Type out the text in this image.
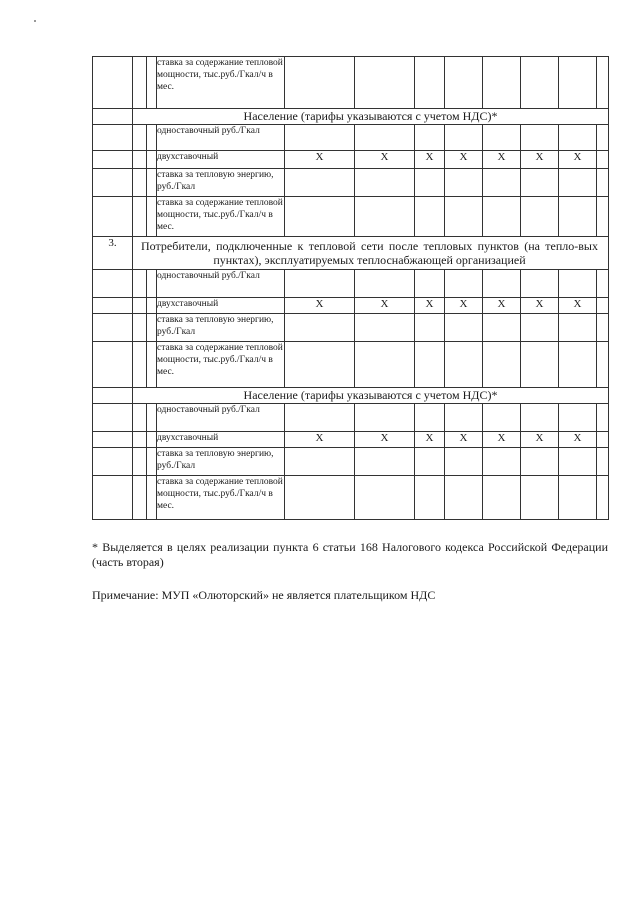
			ставка за содержание тепловой мощности, тыс.руб./Гкал/ч в мес.								
	Население (тарифы указываются с учетом НДС)*										
			одноставочный руб./Гкал								
			двухставочный	X	X	X	X	X	X	X	
			ставка за тепловую энергию, руб./Гкал								
			ставка за содержание тепловой мощности, тыс.руб./Гкал/ч в мес.								
3.	Потребители, подключенные к тепловой сети после тепловых пунктов (на тепло-вых пунктах), эксплуатируемых теплоснабжающей организацией										
			одноставочный руб./Гкал								
			двухставочный	X	X	X	X	X	X	X	
			ставка за тепловую энергию, руб./Гкал								
			ставка за содержание тепловой мощности, тыс.руб./Гкал/ч в мес.								
	Население (тарифы указываются с учетом НДС)*										
			одноставочный руб./Гкал								
			двухставочный	X	X	X	X	X	X	X	
			ставка за тепловую энергию, руб./Гкал								
			ставка за содержание тепловой мощности, тыс.руб./Гкал/ч в мес.								
* Выделяется в целях реализации пункта 6 статьи 168 Налогового кодекса Российской Федерации (часть вторая)
Примечание: МУП «Олюторский» не является плательщиком НДС
